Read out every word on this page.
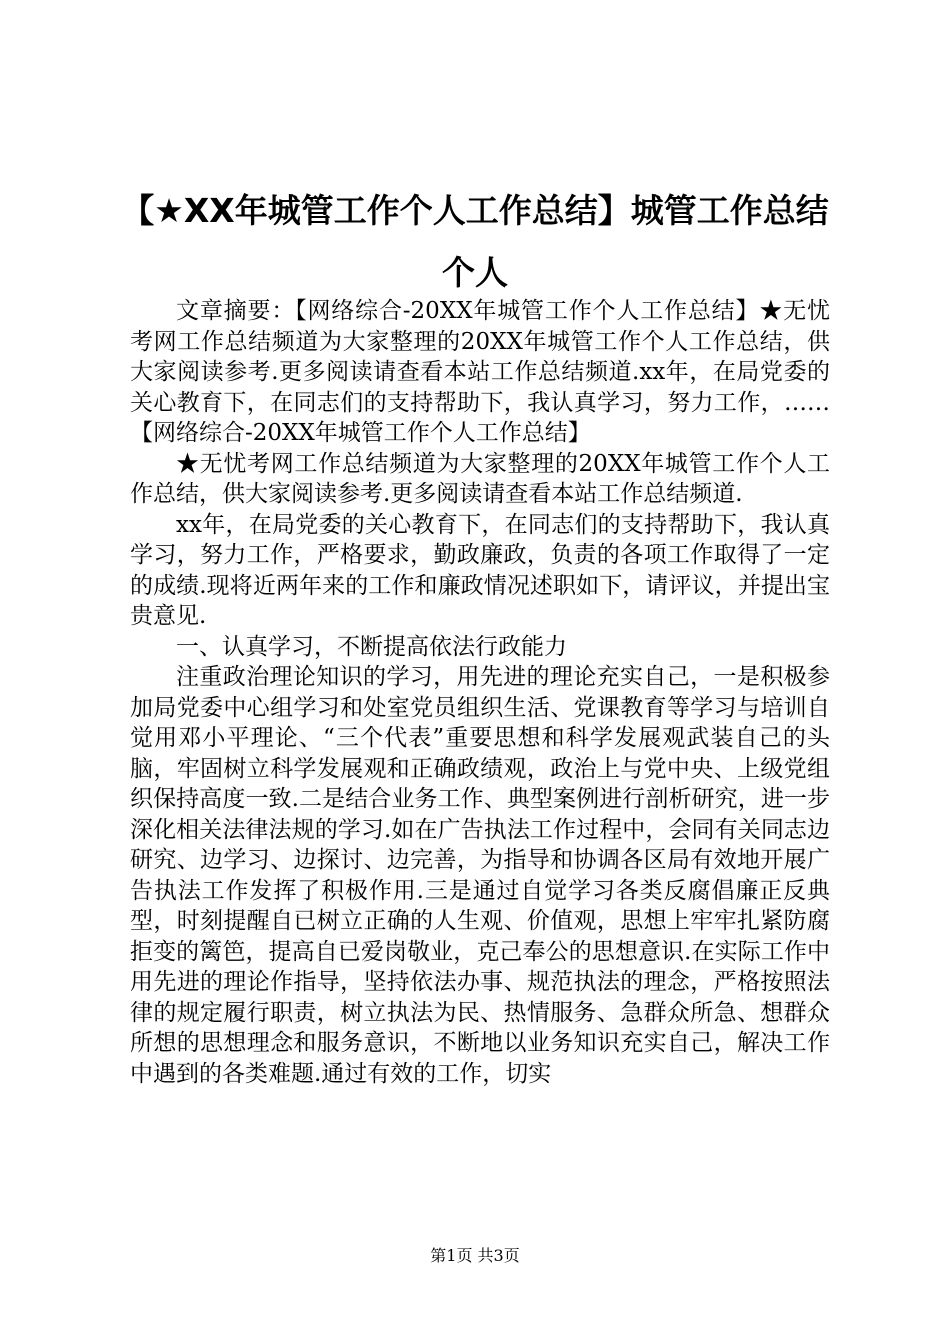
【★XX年城管工作个人工作总结】城管工作总结个人

文章摘要：【网络综合-20XX年城管工作个人工作总结】★无忧考网工作总结频道为大家整理的20XX年城管工作个人工作总结，供大家阅读参考.更多阅读请查看本站工作总结频道.xx年，在局党委的关心教育下，在同志们的支持帮助下，我认真学习，努力工作，……【网络综合-20XX年城管工作个人工作总结】

★无忧考网工作总结频道为大家整理的20XX年城管工作个人工作总结，供大家阅读参考.更多阅读请查看本站工作总结频道.

xx年，在局党委的关心教育下，在同志们的支持帮助下，我认真学习，努力工作，严格要求，勤政廉政，负责的各项工作取得了一定的成绩.现将近两年来的工作和廉政情况述职如下，请评议，并提出宝贵意见.

一、认真学习，不断提高依法行政能力

注重政治理论知识的学习，用先进的理论充实自己，一是积极参加局党委中心组学习和处室党员组织生活、党课教育等学习与培训自觉用邓小平理论、“三个代表”重要思想和科学发展观武装自己的头脑，牢固树立科学发展观和正确政绩观，政治上与党中央、上级党组织保持高度一致.二是结合业务工作、典型案例进行剖析研究，进一步深化相关法律法规的学习.如在广告执法工作过程中，会同有关同志边研究、边学习、边探讨、边完善，为指导和协调各区局有效地开展广告执法工作发挥了积极作用.三是通过自觉学习各类反腐倡廉正反典型，时刻提醒自已树立正确的人生观、价值观，思想上牢牢扎紧防腐拒变的篱笆，提高自已爱岗敬业，克己奉公的思想意识.在实际工作中用先进的理论作指导，坚持依法办事、规范执法的理念，严格按照法律的规定履行职责，树立执法为民、热情服务、急群众所急、想群众所想的思想理念和服务意识，不断地以业务知识充实自己，解决工作中遇到的各类难题.通过有效的工作，切实

第1页 共3页
